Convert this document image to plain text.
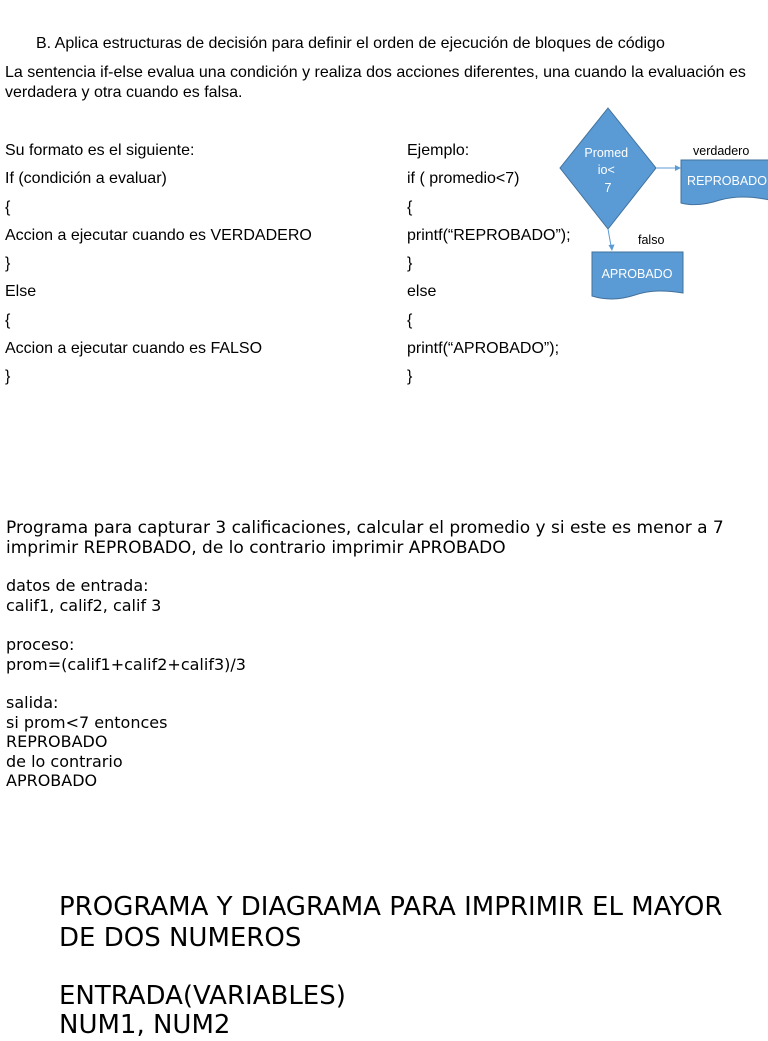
B. Aplica estructuras de decisión para definir el orden de ejecución de bloques de código

La sentencia if-else evalua una condición y realiza dos acciones diferentes, una cuando la evaluación es verdadera y otra cuando es falsa.

Su formato es el siguiente:
If (condición a evaluar)
{
Accion a ejecutar cuando es VERDADERO
}
Else
{
Accion a ejecutar cuando es FALSO
}
Ejemplo:
if ( promedio<7)
{
printf(“REPROBADO”);
}
else
{
printf(“APROBADO”);
}
Promed io< 7
verdadero
REPROBADO
falso
APROBADO

Programa para capturar 3 calificaciones, calcular el promedio y si este es menor a 7 imprimir REPROBADO, de lo contrario imprimir APROBADO

datos de entrada:
calif1, calif2, calif 3
proceso:
prom=(calif1+calif2+calif3)/3
salida:
si prom<7 entonces
REPROBADO
de lo contrario
APROBADO

PROGRAMA Y DIAGRAMA PARA IMPRIMIR EL MAYOR DE DOS NUMEROS

ENTRADA(VARIABLES)

NUM1, NUM2
